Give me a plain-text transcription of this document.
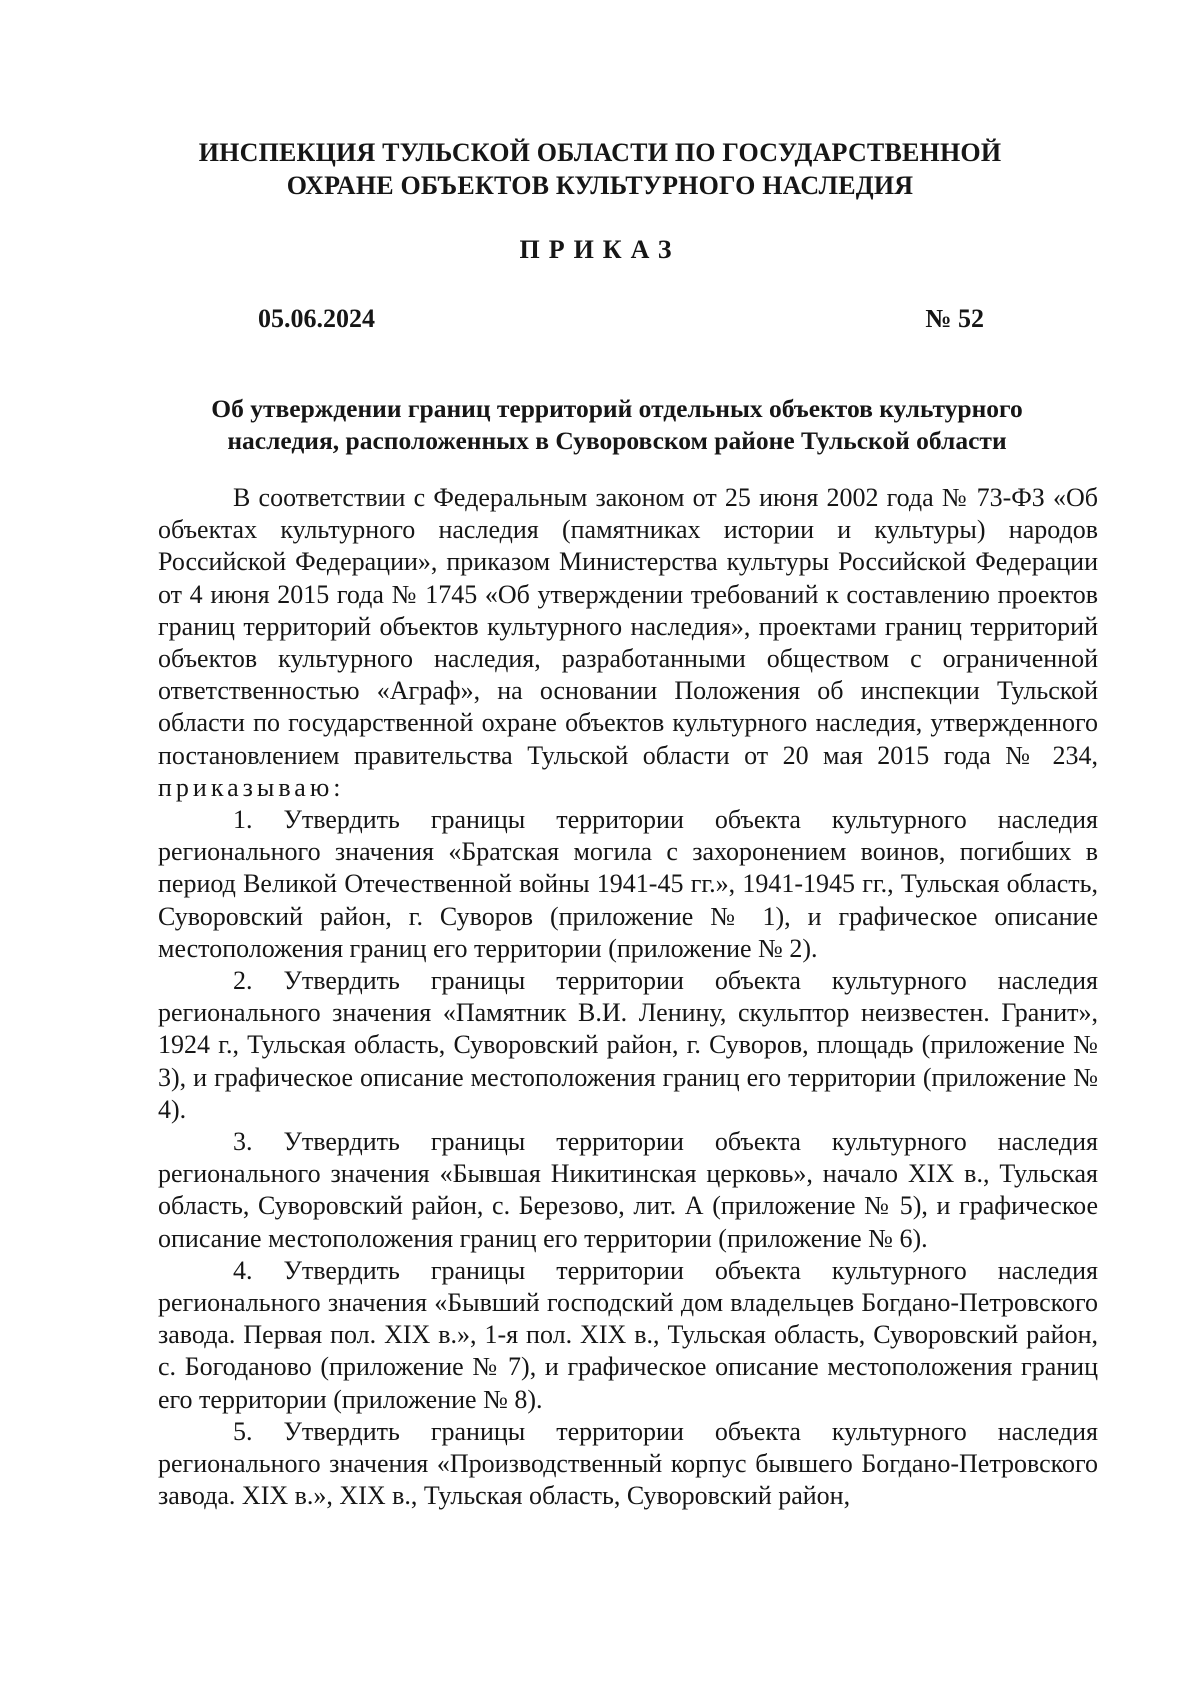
ИНСПЕКЦИЯ ТУЛЬСКОЙ ОБЛАСТИ ПО ГОСУДАРСТВЕННОЙ
ОХРАНЕ ОБЪЕКТОВ КУЛЬТУРНОГО НАСЛЕДИЯ
ПРИКАЗ
05.06.2024	№ 52
Об утверждении границ территорий отдельных объектов культурного
наследия, расположенных в Суворовском районе Тульской области

В соответствии с Федеральным законом от 25 июня 2002 года № 73-ФЗ «Об объектах культурного наследия (памятниках истории и культуры) народов Российской Федерации», приказом Министерства культуры Российской Федерации от 4 июня 2015 года № 1745 «Об утверждении требований к составлению проектов границ территорий объектов культурного наследия», проектами границ территорий объектов культурного наследия, разработанными обществом с ограниченной ответственностью «Аграф», на основании Положения об инспекции Тульской области по государственной охране объектов культурного наследия, утвержденного постановлением правительства Тульской области от 20 мая 2015 года № 234, приказываю:

1. Утвердить границы территории объекта культурного наследия регионального значения «Братская могила с захоронением воинов, погибших в период Великой Отечественной войны 1941-45 гг.», 1941-1945 гг., Тульская область, Суворовский район, г. Суворов (приложение № 1), и графическое описание местоположения границ его территории (приложение № 2).

2. Утвердить границы территории объекта культурного наследия регионального значения «Памятник В.И. Ленину, скульптор неизвестен. Гранит», 1924 г., Тульская область, Суворовский район, г. Суворов, площадь (приложение № 3), и графическое описание местоположения границ его территории (приложение № 4).

3. Утвердить границы территории объекта культурного наследия регионального значения «Бывшая Никитинская церковь», начало XIX в., Тульская область, Суворовский район, с. Березово, лит. А (приложение № 5), и графическое описание местоположения границ его территории (приложение № 6).

4. Утвердить границы территории объекта культурного наследия регионального значения «Бывший господский дом владельцев Богдано-Петровского завода. Первая пол. XIX в.», 1-я пол. XIX в., Тульская область, Суворовский район, с. Богоданово (приложение № 7), и графическое описание местоположения границ его территории (приложение № 8).

5. Утвердить границы территории объекта культурного наследия регионального значения «Производственный корпус бывшего Богдано-Петровского завода. XIX в.», XIX в., Тульская область, Суворовский район,
